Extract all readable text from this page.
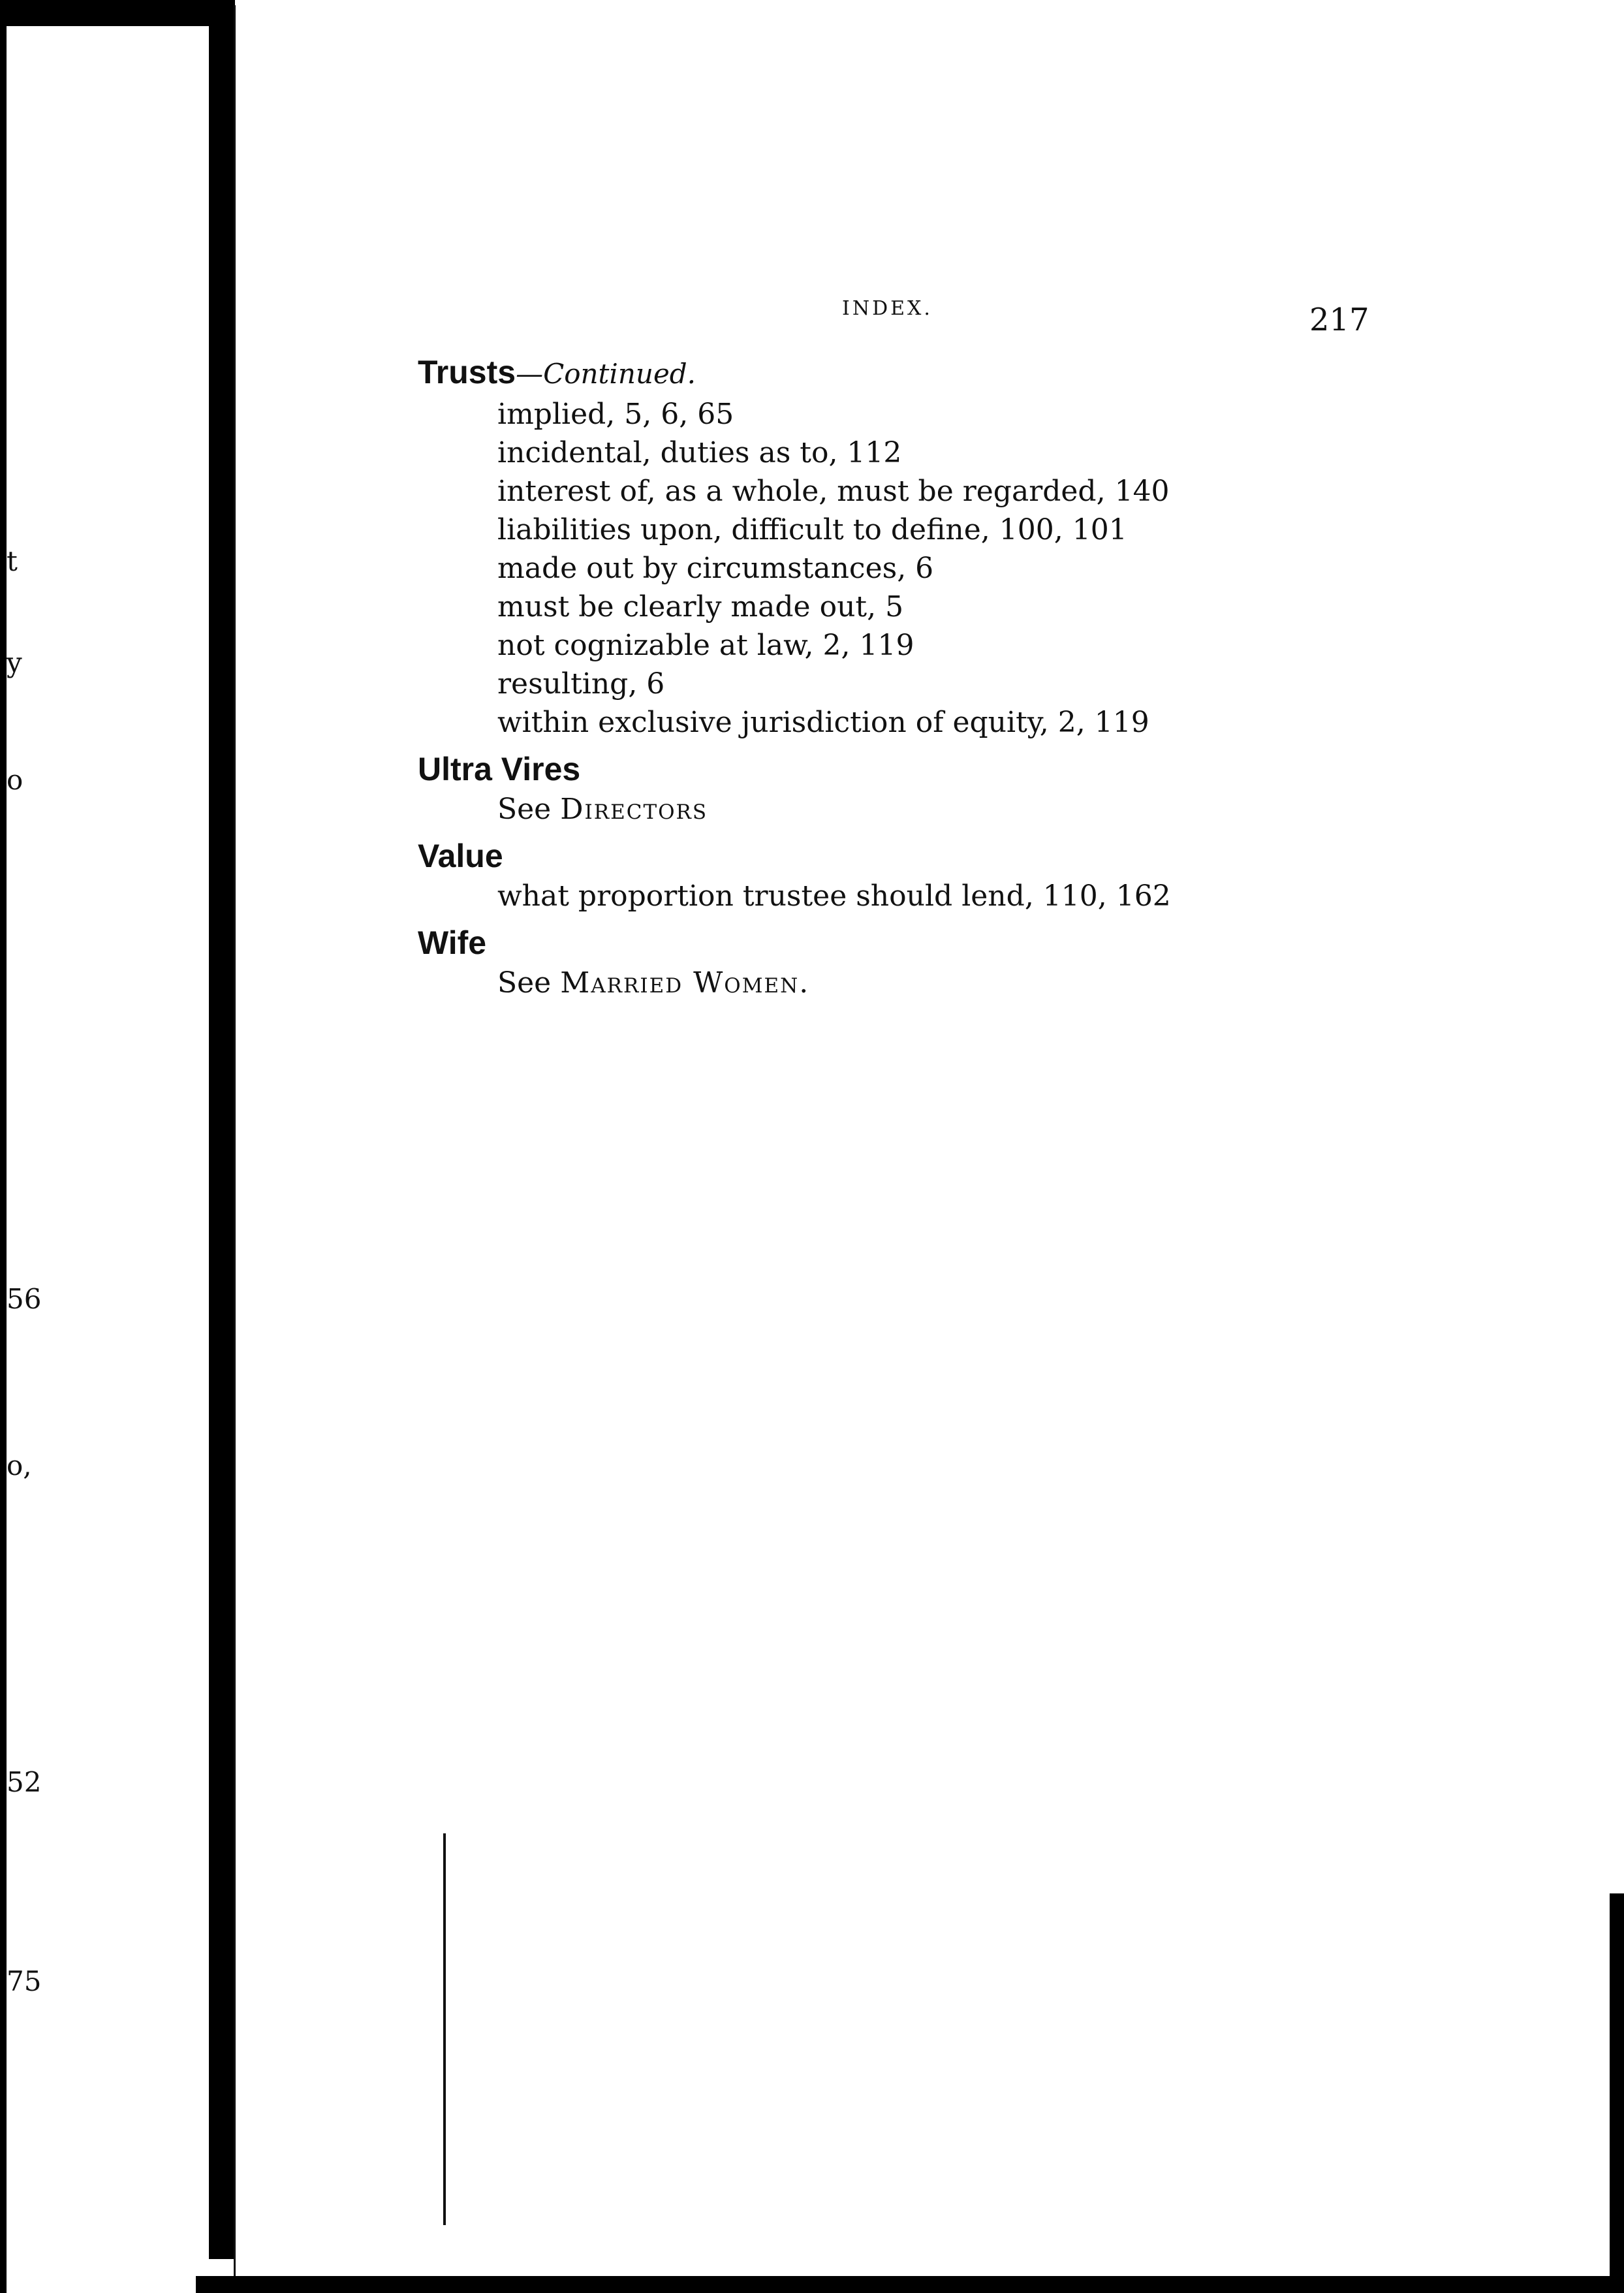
t
y
o
56
o,
52
75
INDEX.	217
Trusts—Continued.
implied, 5, 6, 65
incidental, duties as to, 112
interest of, as a whole, must be regarded, 140
liabilities upon, difficult to define, 100, 101
made out by circumstances, 6
must be clearly made out, 5
not cognizable at law, 2, 119
resulting, 6
within exclusive jurisdiction of equity, 2, 119
Ultra Vires
See Directors
Value
what proportion trustee should lend, 110, 162
Wife
See Married Women.
